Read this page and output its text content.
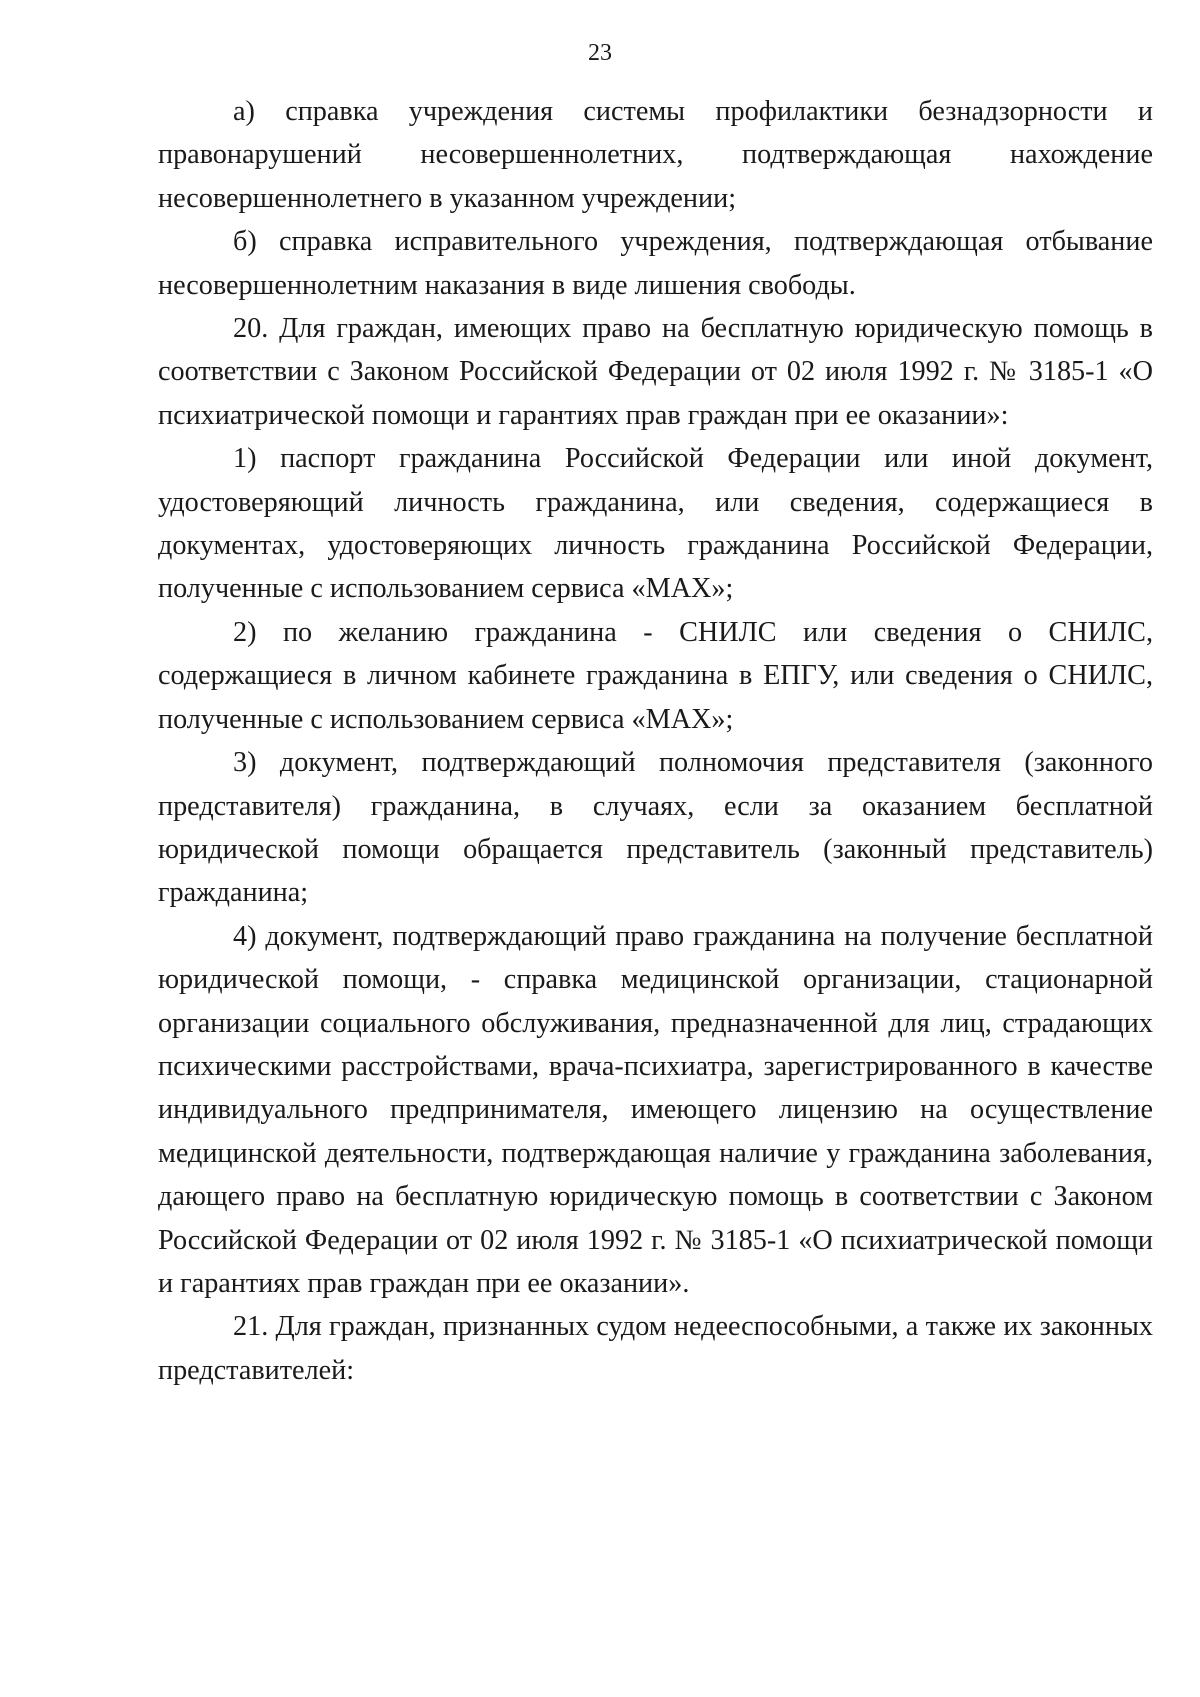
23

а) справка учреждения системы профилактики безнадзорности и правонарушений несовершеннолетних, подтверждающая нахождение несовершеннолетнего в указанном учреждении;

б) справка исправительного учреждения, подтверждающая отбывание несовершеннолетним наказания в виде лишения свободы.

20. Для граждан, имеющих право на бесплатную юридическую помощь в соответствии с Законом Российской Федерации от 02 июля 1992 г. № 3185-1 «О психиатрической помощи и гарантиях прав граждан при ее оказании»:

1) паспорт гражданина Российской Федерации или иной документ, удостоверяющий личность гражданина, или сведения, содержащиеся в документах, удостоверяющих личность гражданина Российской Федерации, полученные с использованием сервиса «MAX»;

2) по желанию гражданина - СНИЛС или сведения о СНИЛС, содержащиеся в личном кабинете гражданина в ЕПГУ, или сведения о СНИЛС, полученные с использованием сервиса «MAX»;

3) документ, подтверждающий полномочия представителя (законного представителя) гражданина, в случаях, если за оказанием бесплатной юридической помощи обращается представитель (законный представитель) гражданина;

4) документ, подтверждающий право гражданина на получение бесплатной юридической помощи, - справка медицинской организации, стационарной организации социального обслуживания, предназначенной для лиц, страдающих психическими расстройствами, врача-психиатра, зарегистрированного в качестве индивидуального предпринимателя, имеющего лицензию на осуществление медицинской деятельности, подтверждающая наличие у гражданина заболевания, дающего право на бесплатную юридическую помощь в соответствии с Законом Российской Федерации от 02 июля 1992 г. № 3185-1 «О психиатрической помощи и гарантиях прав граждан при ее оказании».

21. Для граждан, признанных судом недееспособными, а также их законных представителей:
